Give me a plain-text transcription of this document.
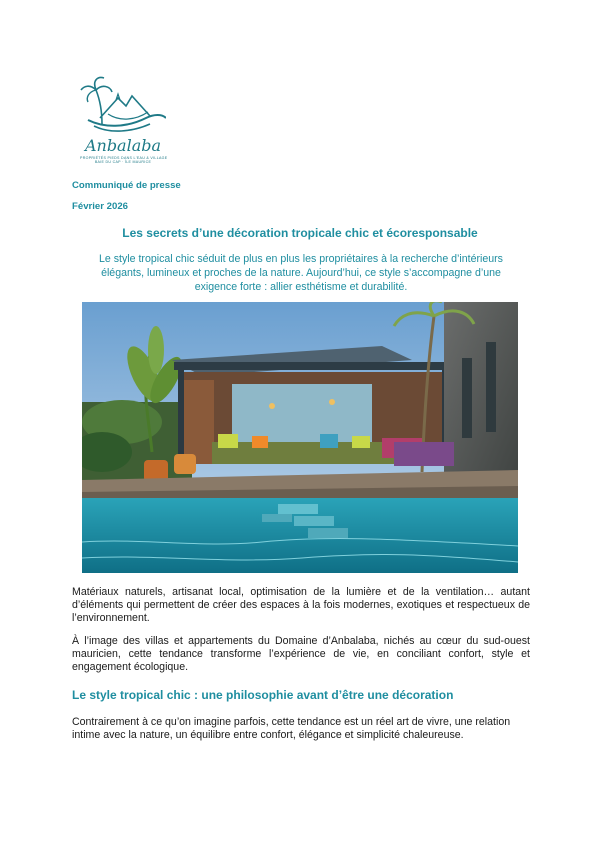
Anbalaba
PROPRIÉTÉS PIEDS DANS L'EAU & VILLAGE
BAIE DU CAP · ÎLE MAURICE
Communiqué de presse
Février 2026
Les secrets d’une décoration tropicale chic et écoresponsable
Le style tropical chic séduit de plus en plus les propriétaires à la recherche d’intérieurs élégants, lumineux et proches de la nature. Aujourd’hui, ce style s’accompagne d’une exigence forte : allier esthétisme et durabilité.
Matériaux naturels, artisanat local, optimisation de la lumière et de la ventilation… autant d’éléments qui permettent de créer des espaces à la fois modernes, exotiques et respectueux de l’environnement.
À l’image des villas et appartements du Domaine d’Anbalaba, nichés au cœur du sud-ouest mauricien, cette tendance transforme l’expérience de vie, en conciliant confort, style et engagement écologique.
Le style tropical chic : une philosophie avant d’être une décoration
Contrairement à ce qu’on imagine parfois, cette tendance est un réel art de vivre, une relation intime avec la nature, un équilibre entre confort, élégance et simplicité chaleureuse.
